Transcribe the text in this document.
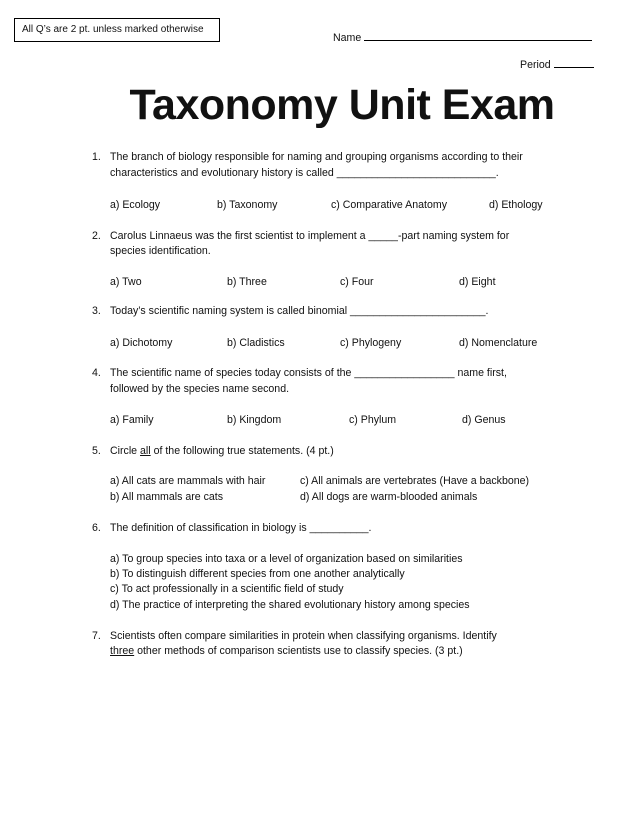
All Q’s are 2 pt. unless marked otherwise
Name
Period
Taxonomy Unit Exam
1. The branch of biology responsible for naming and grouping organisms according to their
characteristics and evolutionary history is called ___________________________.
a) Ecology	b) Taxonomy	c) Comparative Anatomy	d) Ethology
2. Carolus Linnaeus was the first scientist to implement a _____-part naming system for
species identification.
a) Two	b) Three	c) Four	d) Eight
3. Today’s scientific naming system is called binomial _______________________.
a) Dichotomy	b) Cladistics	c) Phylogeny	d) Nomenclature
4. The scientific name of species today consists of the _________________ name first,
followed by the species name second.
a) Family	b) Kingdom	c) Phylum	d) Genus
5. Circle all of the following true statements. (4 pt.)
a) All cats are mammals with hair
b) All mammals are cats
c) All animals are vertebrates (Have a backbone)
d) All dogs are warm-blooded animals
6. The definition of classification in biology is __________.
a) To group species into taxa or a level of organization based on similarities
b) To distinguish different species from one another analytically
c) To act professionally in a scientific field of study
d) The practice of interpreting the shared evolutionary history among species
7. Scientists often compare similarities in protein when classifying organisms. Identify
three other methods of comparison scientists use to classify species. (3 pt.)
